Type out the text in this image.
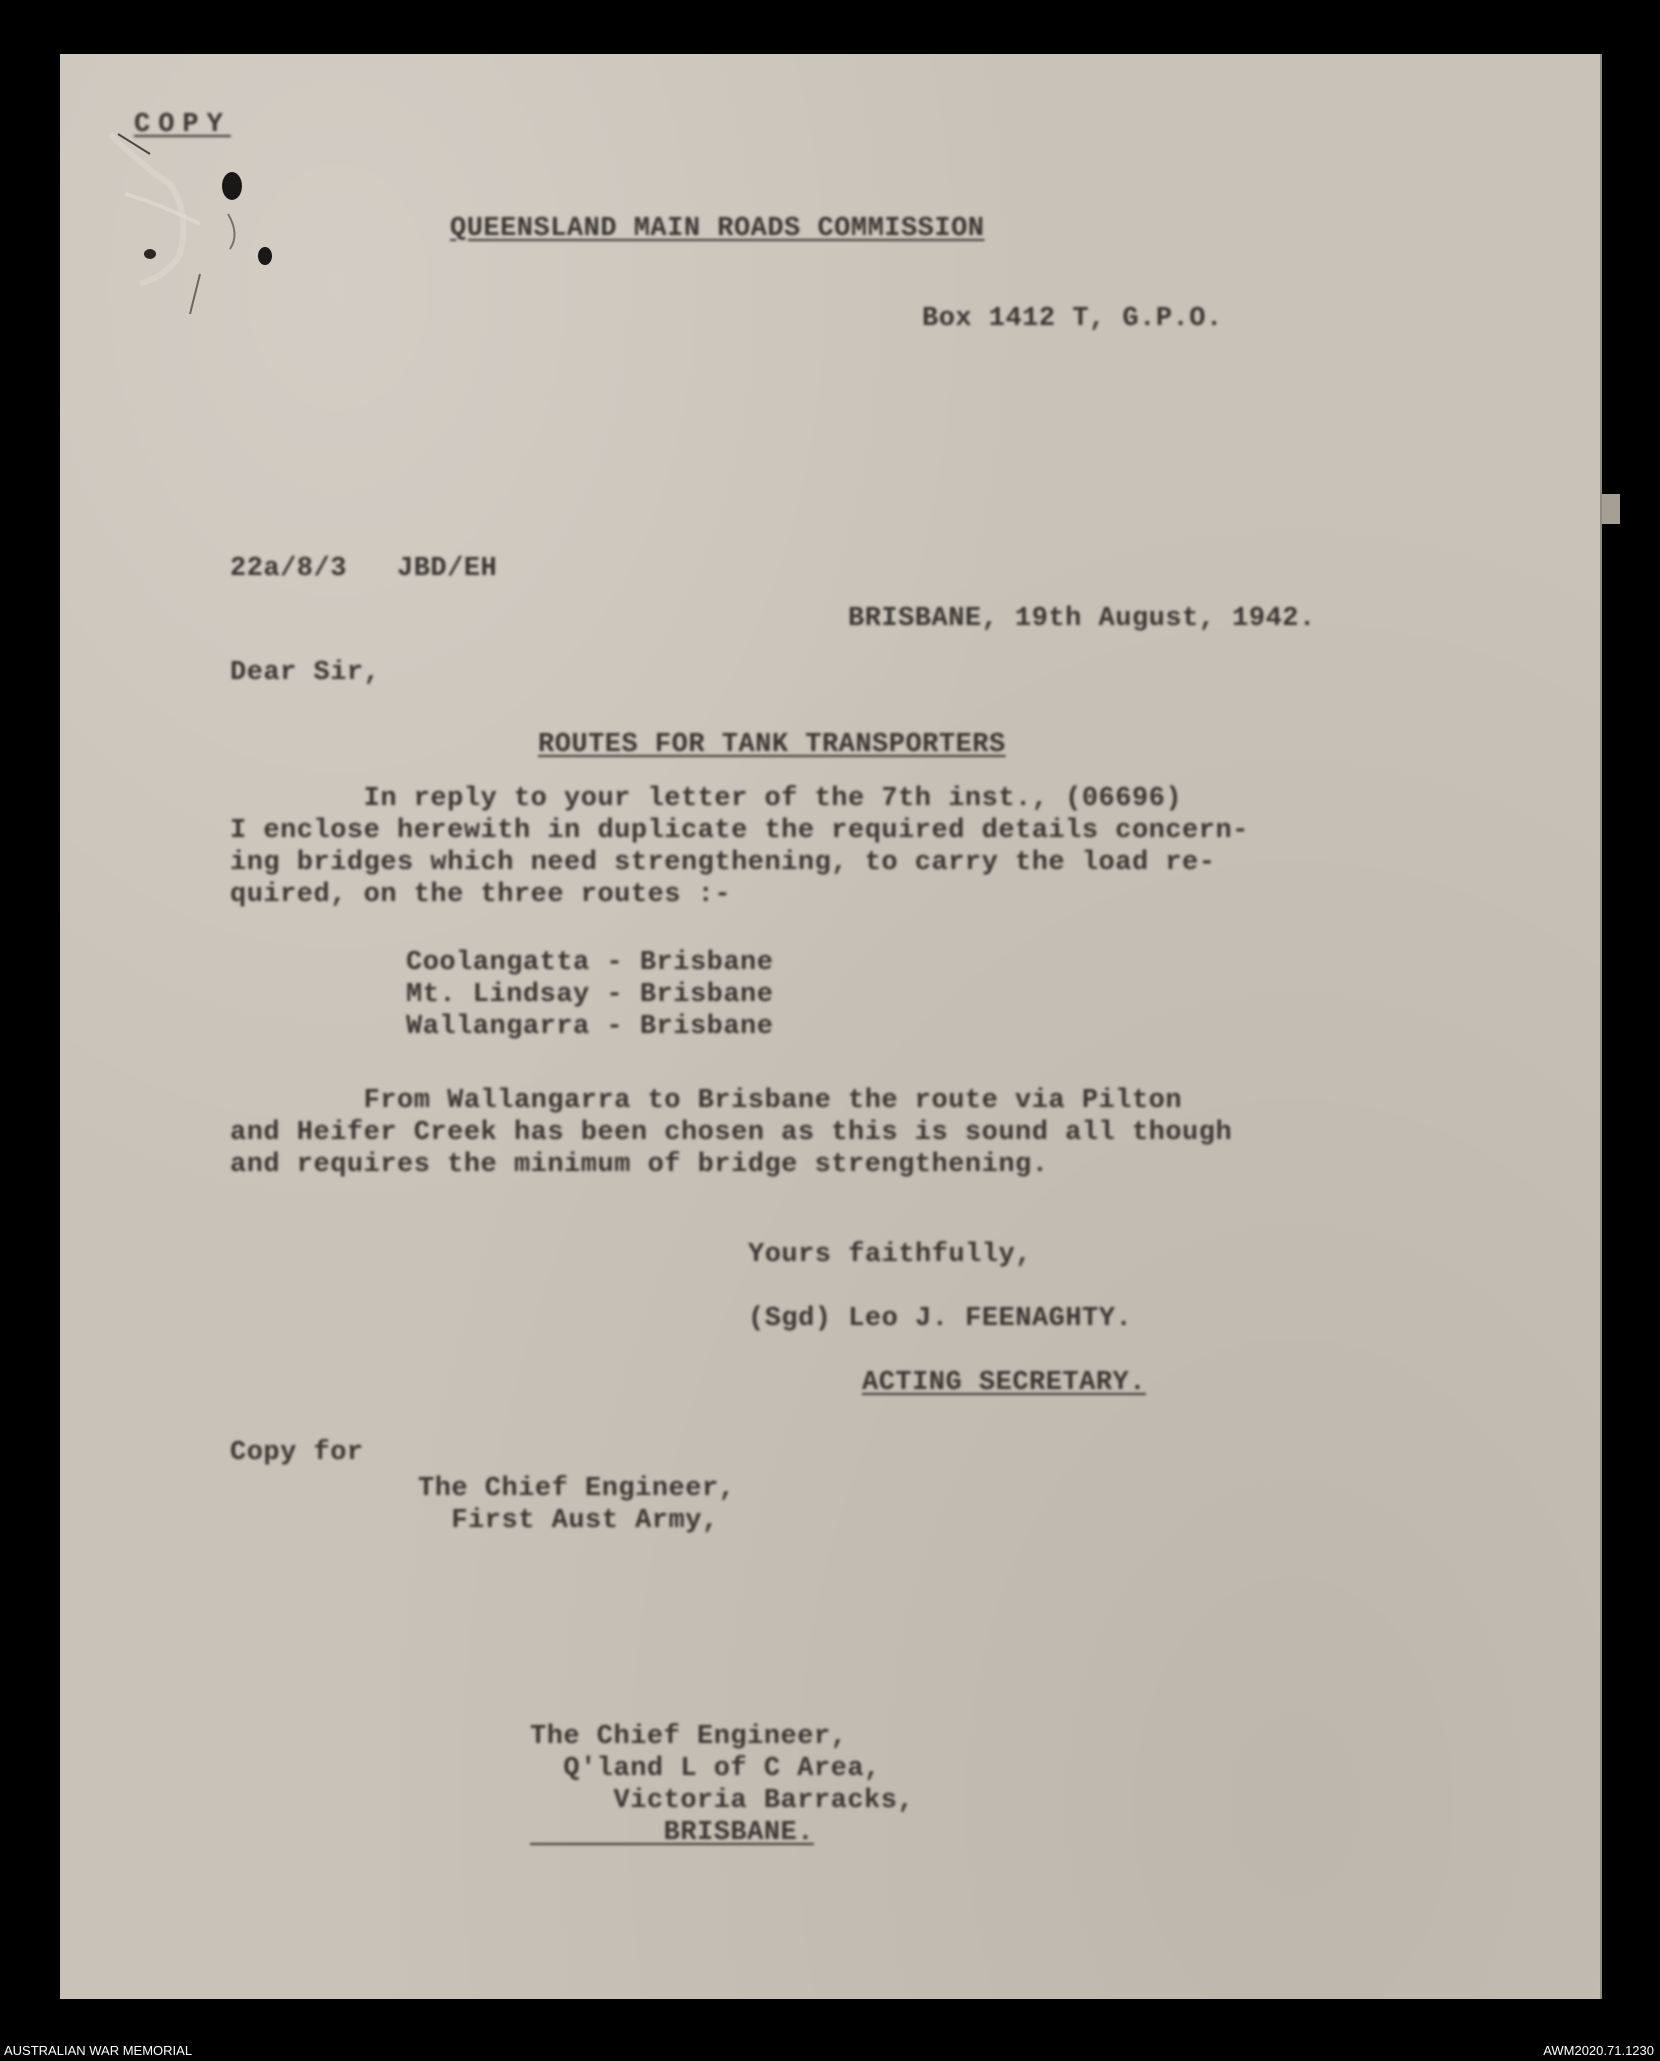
COPY
QUEENSLAND MAIN ROADS COMMISSION
Box 1412 T, G.P.O.
22a/8/3   JBD/EH
BRISBANE, 19th August, 1942.
Dear Sir,
ROUTES FOR TANK TRANSPORTERS
In reply to your letter of the 7th inst., (06696)
I enclose herewith in duplicate the required details concern-
ing bridges which need strengthening, to carry the load re-
quired, on the three routes :-
Coolangatta - Brisbane
Mt. Lindsay - Brisbane
Wallangarra - Brisbane
From Wallangarra to Brisbane the route via Pilton
and Heifer Creek has been chosen as this is sound all though
and requires the minimum of bridge strengthening.
Yours faithfully,
(Sgd) Leo J. FEENAGHTY.
ACTING SECRETARY.
Copy for
The Chief Engineer,
First Aust Army,
The Chief Engineer,
Q'land L of C Area,
Victoria Barracks,
BRISBANE.
AUSTRALIAN WAR MEMORIAL	AWM2020.71.1230
